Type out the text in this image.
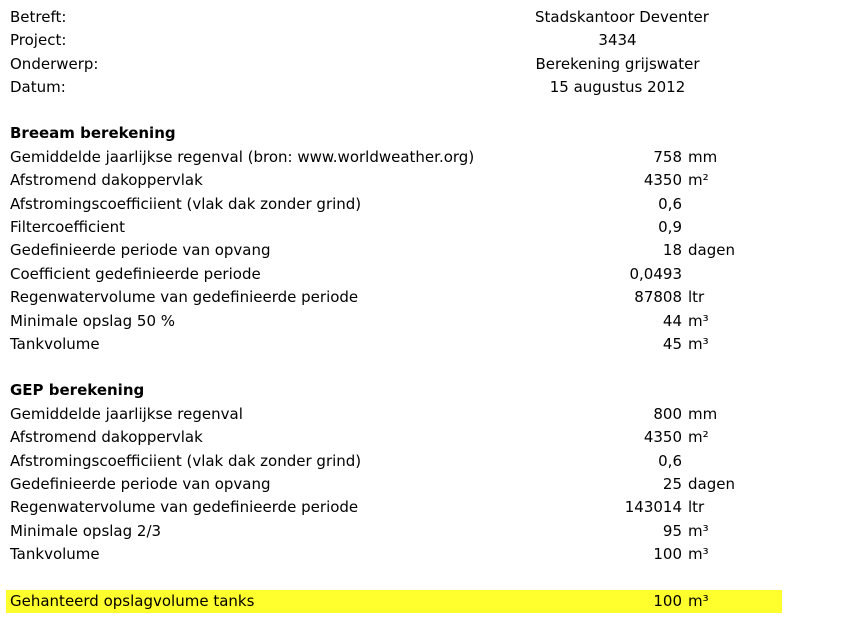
Betreft:	Stadskantoor Deventer
Project:	3434
Onderwerp:	Berekening grijswater
Datum:	15 augustus 2012
Breeam berekening
Gemiddelde jaarlijkse regenval (bron: www.worldweather.org)	758 mm
Afstromend dakoppervlak	4350 m²
Afstromingscoefficiient (vlak dak zonder grind)	0,6
Filtercoefficient	0,9
Gedefinieerde periode van opvang	18 dagen
Coefficient gedefinieerde periode	0,0493
Regenwatervolume van gedefinieerde periode	87808 ltr
Minimale opslag 50 %	44 m³
Tankvolume	45 m³
GEP berekening
Gemiddelde jaarlijkse regenval	800 mm
Afstromend dakoppervlak	4350 m²
Afstromingscoefficiient (vlak dak zonder grind)	0,6
Gedefinieerde periode van opvang	25 dagen
Regenwatervolume van gedefinieerde periode	143014 ltr
Minimale opslag 2/3	95 m³
Tankvolume	100 m³
Gehanteerd opslagvolume tanks	100 m³
